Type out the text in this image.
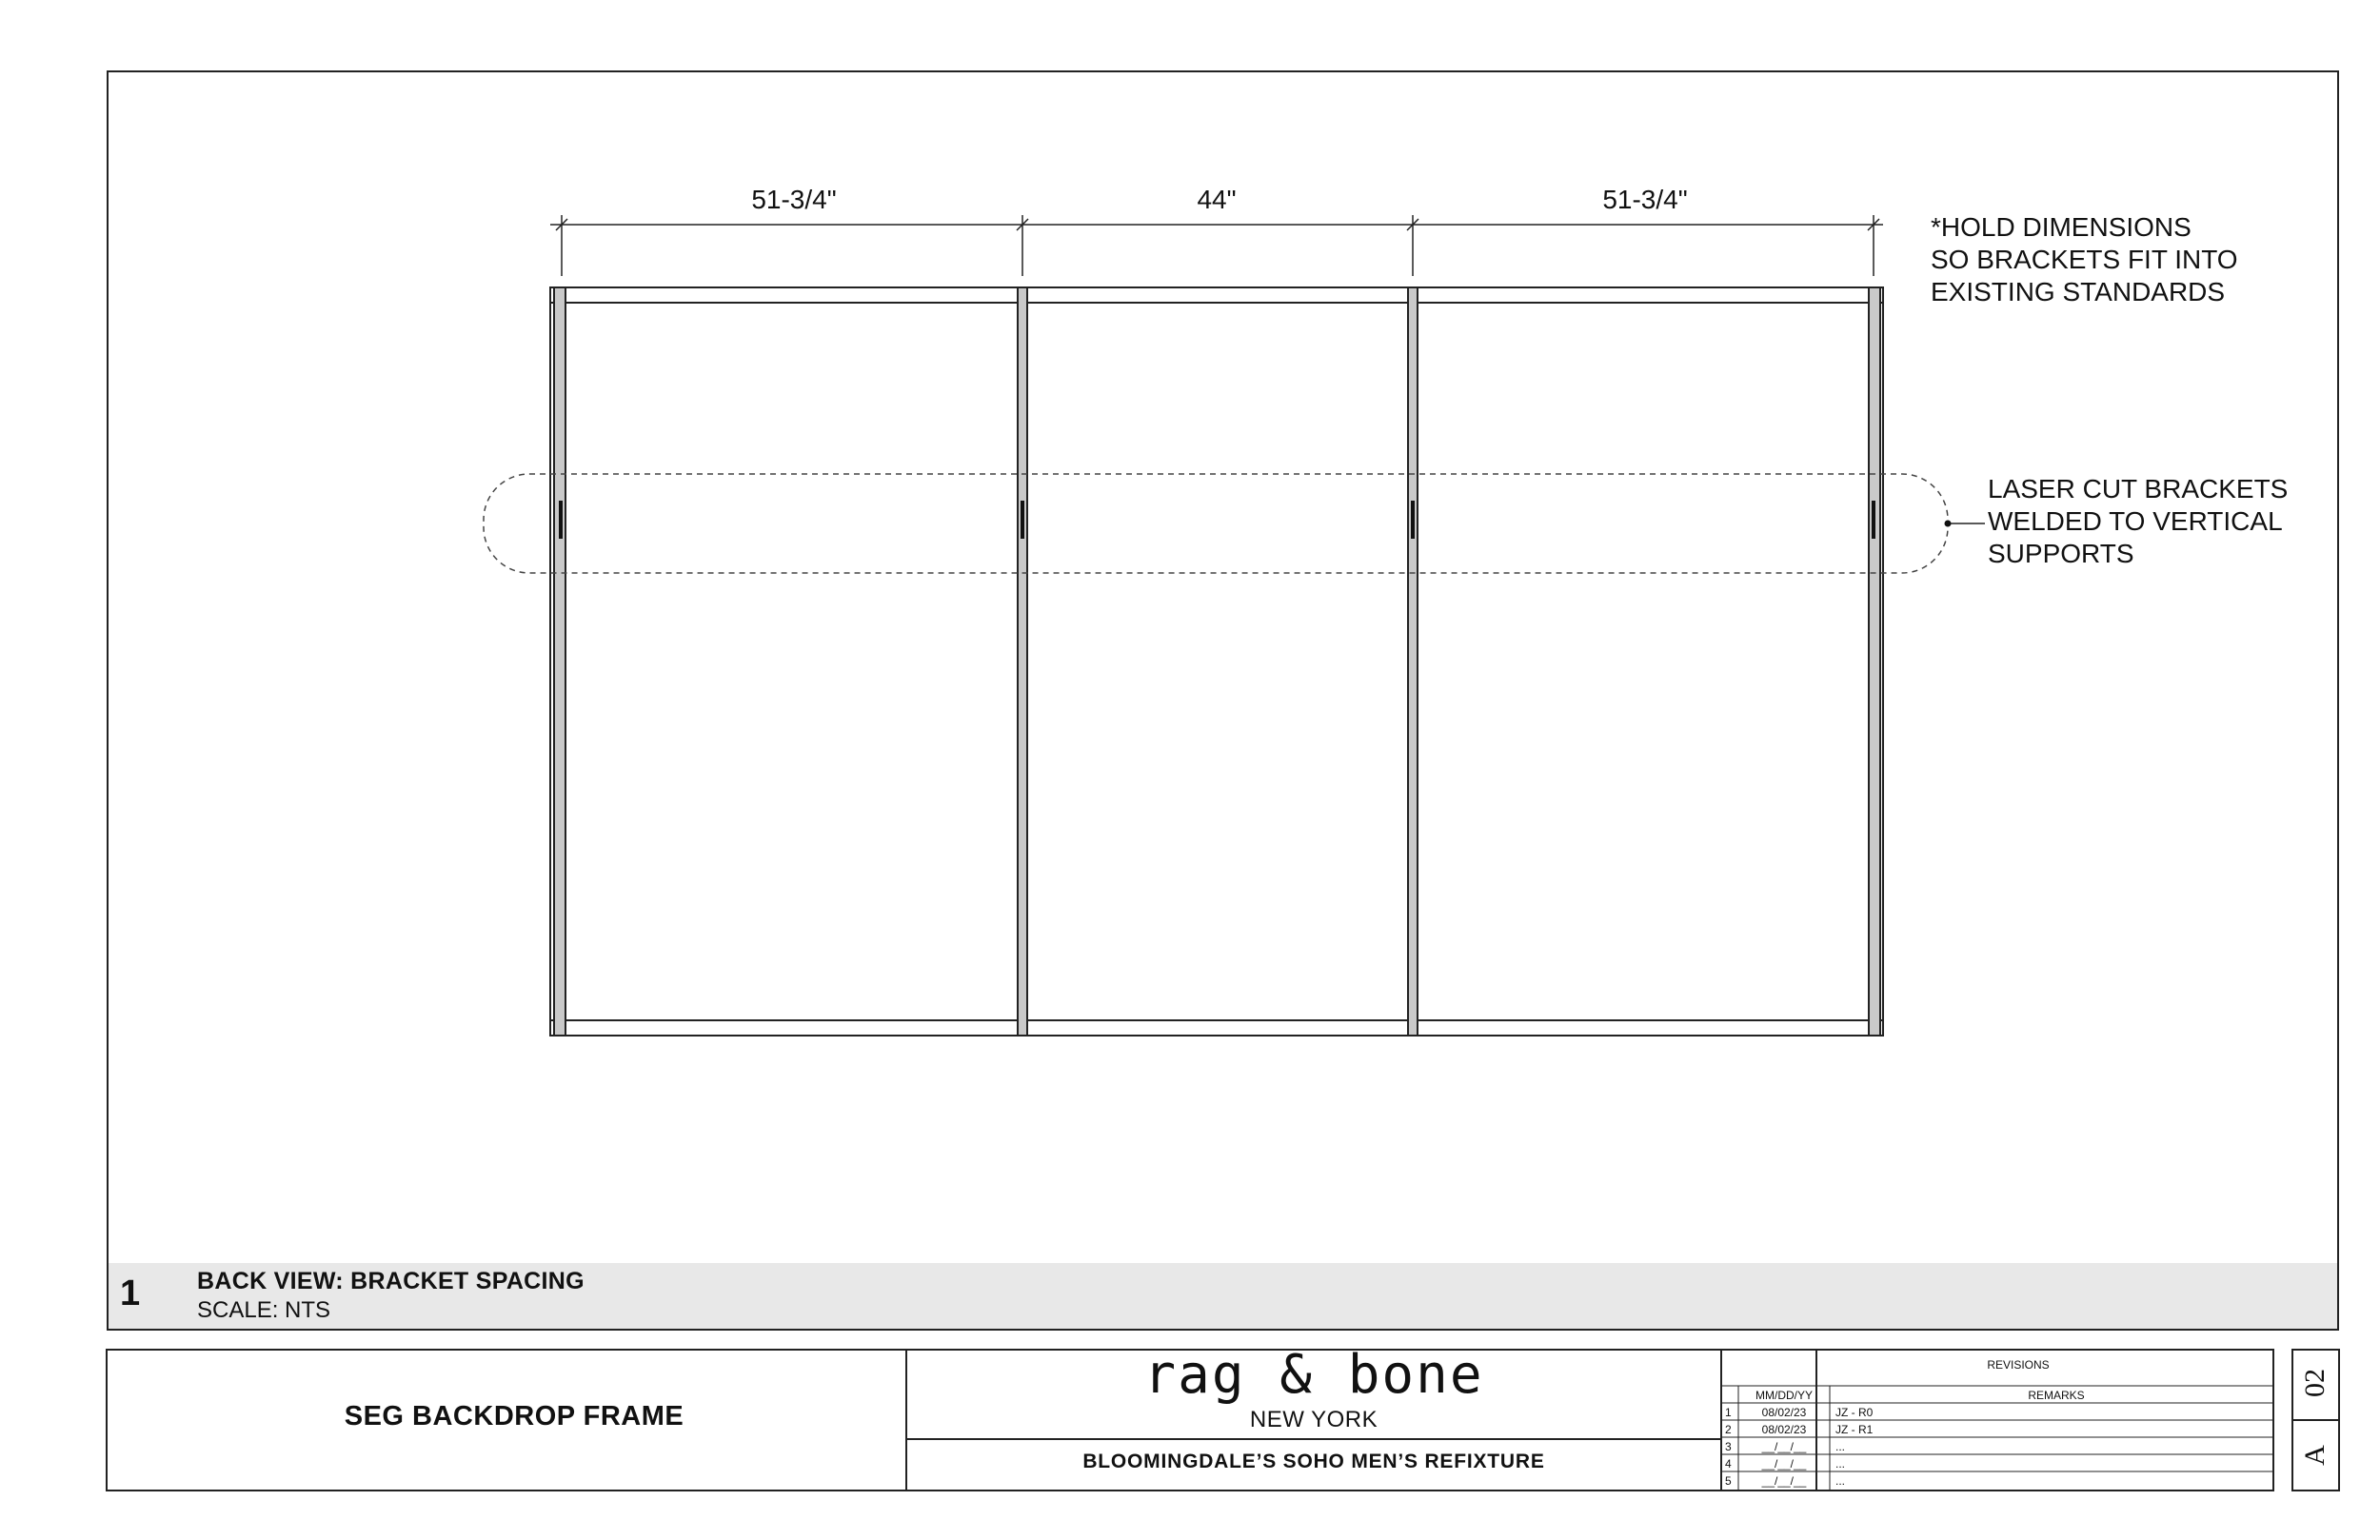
51-3/4"	44"	51-3/4"
*HOLD DIMENSIONS
SO BRACKETS FIT INTO
EXISTING STANDARDS
LASER CUT BRACKETS
WELDED TO VERTICAL
SUPPORTS
1 BACK VIEW: BRACKET SPACING
SCALE: NTS
SEG BACKDROP FRAME
rag & bone
NEW YORK
BLOOMINGDALE’S SOHO MEN’S REFIXTURE
REVISIONS
MM/DD/YY	REMARKS
1	08/02/23	JZ - R0
2	08/02/23	JZ - R1
3	__/__/__	...
4	__/__/__	...
5	__/__/__	...
02
A
